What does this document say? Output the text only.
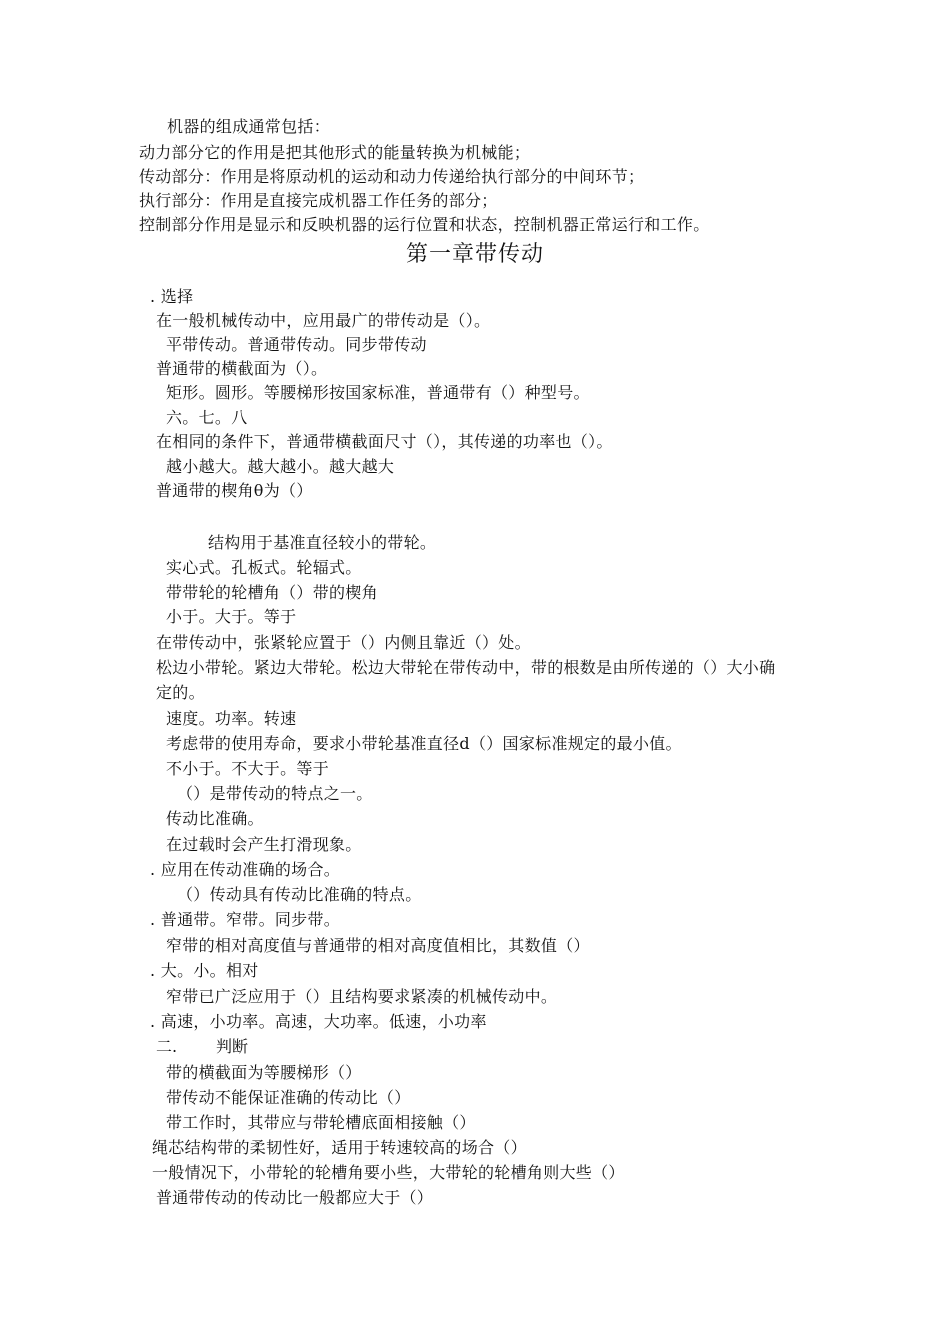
机器的组成通常包括：
动力部分它的作用是把其他形式的能量转换为机械能；
传动部分：作用是将原动机的运动和动力传递给执行部分的中间环节；
执行部分：作用是直接完成机器工作任务的部分；
控制部分作用是显示和反映机器的运行位置和状态，控制机器正常运行和工作。
第一章带传动
. 选择
在一般机械传动中，应用最广的带传动是（）。
平带传动。普通带传动。同步带传动
普通带的横截面为（）。
矩形。圆形。等腰梯形按国家标准，普通带有（）种型号。
六。七。八
在相同的条件下，普通带横截面尺寸（），其传递的功率也（）。
越小越大。越大越小。越大越大
普通带的楔角θ为（）
结构用于基准直径较小的带轮。
实心式。孔板式。轮辐式。
带带轮的轮槽角（）带的楔角
小于。大于。等于
在带传动中，张紧轮应置于（）内侧且靠近（）处。
松边小带轮。紧边大带轮。松边大带轮在带传动中，带的根数是由所传递的（）大小确
定的。
速度。功率。转速
考虑带的使用寿命，要求小带轮基准直径d（）国家标准规定的最小值。
不小于。不大于。等于
（）是带传动的特点之一。
传动比准确。
在过载时会产生打滑现象。
. 应用在传动准确的场合。
（）传动具有传动比准确的特点。
. 普通带。窄带。同步带。
窄带的相对高度值与普通带的相对高度值相比，其数值（）
. 大。小。相对
窄带已广泛应用于（）且结构要求紧凑的机械传动中。
. 高速，小功率。高速，大功率。低速，小功率
二. 判断
带的横截面为等腰梯形（）
带传动不能保证准确的传动比（）
带工作时，其带应与带轮槽底面相接触（）
绳芯结构带的柔韧性好，适用于转速较高的场合（）
一般情况下，小带轮的轮槽角要小些，大带轮的轮槽角则大些（）
普通带传动的传动比一般都应大于（）
